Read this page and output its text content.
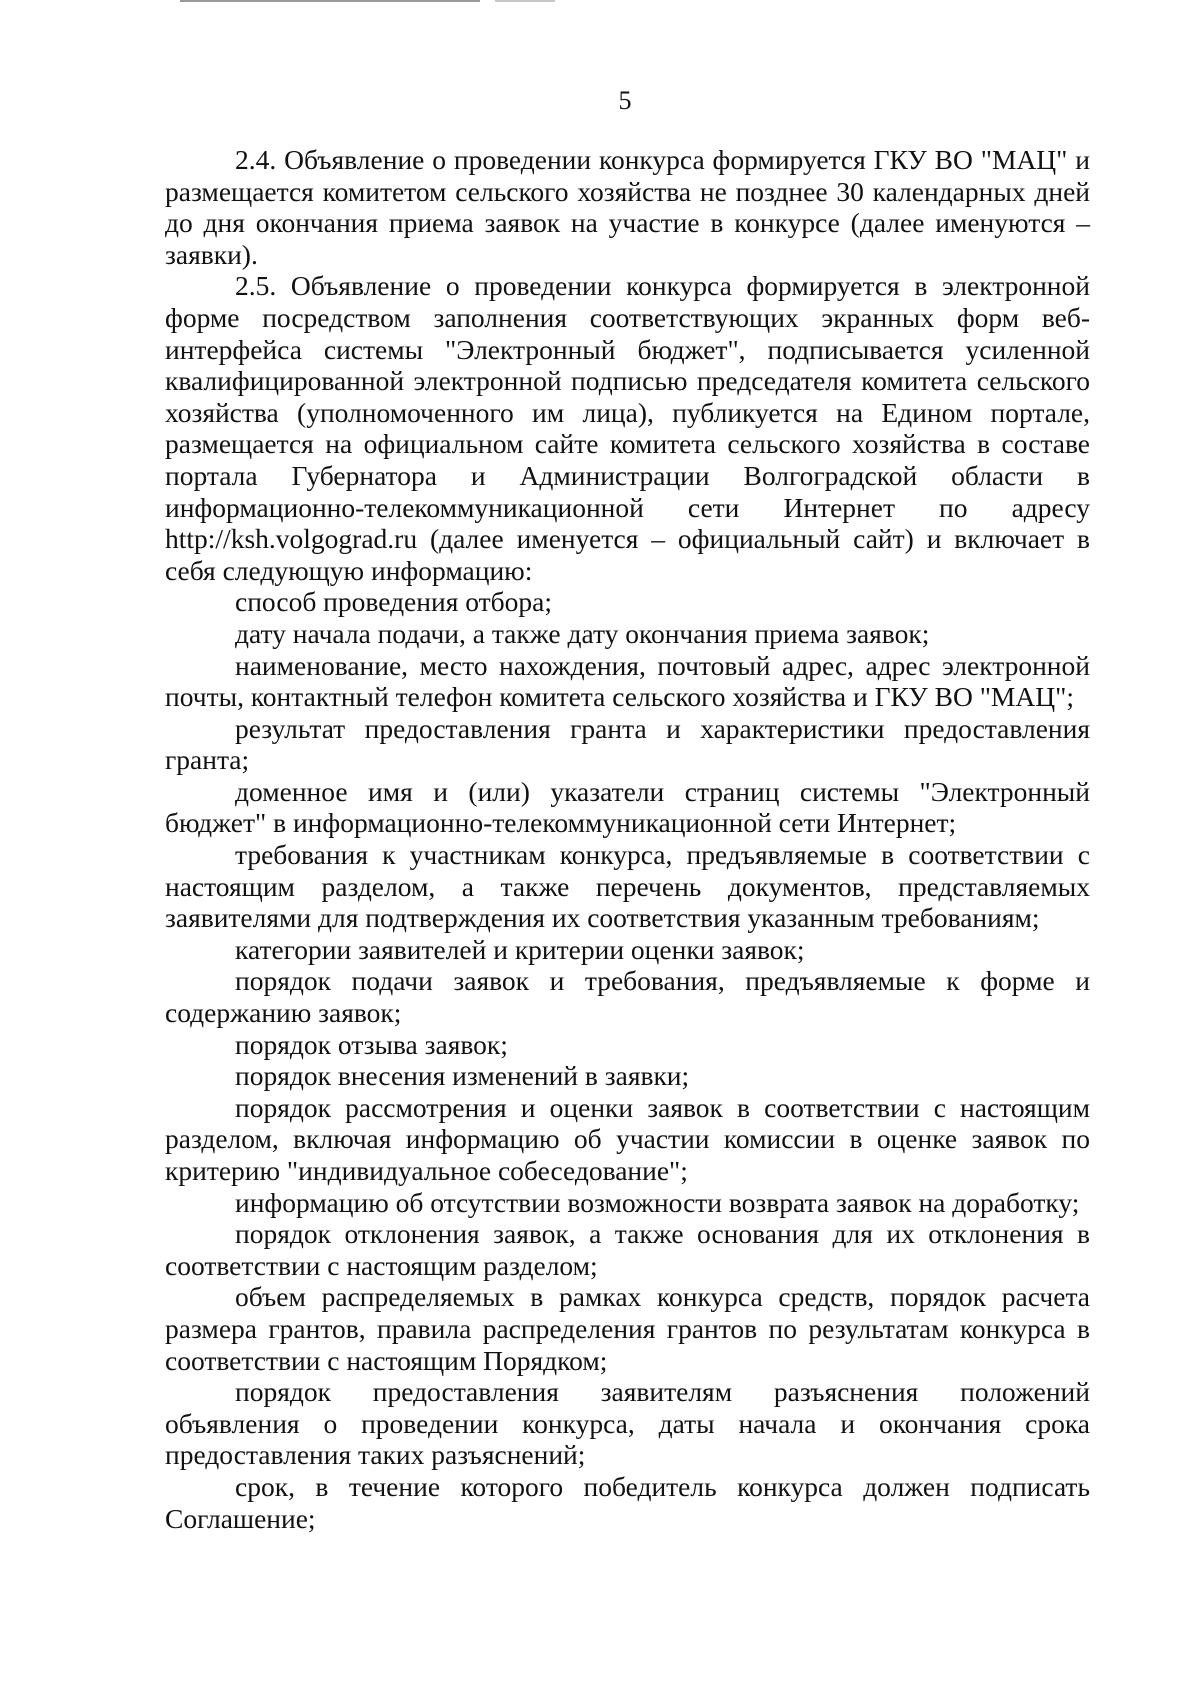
5

2.4. Объявление о проведении конкурса формируется ГКУ ВО "МАЦ" и размещается комитетом сельского хозяйства не позднее 30 календарных дней до дня окончания приема заявок на участие в конкурсе (далее именуются – заявки).

2.5. Объявление о проведении конкурса формируется в электронной форме посредством заполнения соответствующих экранных форм веб-интерфейса системы "Электронный бюджет", подписывается усиленной квалифицированной электронной подписью председателя комитета сельского хозяйства (уполномоченного им лица), публикуется на Едином портале, размещается на официальном сайте комитета сельского хозяйства в составе портала Губернатора и Администрации Волгоградской области в информационно-телекоммуникационной сети Интернет по адресу http://ksh.volgograd.ru (далее именуется – официальный сайт) и включает в себя следующую информацию:

способ проведения отбора;

дату начала подачи, а также дату окончания приема заявок;

наименование, место нахождения, почтовый адрес, адрес электронной почты, контактный телефон комитета сельского хозяйства и ГКУ ВО "МАЦ";

результат предоставления гранта и характеристики предоставления гранта;

доменное имя и (или) указатели страниц системы "Электронный бюджет" в информационно-телекоммуникационной сети Интернет;

требования к участникам конкурса, предъявляемые в соответствии с настоящим разделом, а также перечень документов, представляемых заявителями для подтверждения их соответствия указанным требованиям;

категории заявителей и критерии оценки заявок;

порядок подачи заявок и требования, предъявляемые к форме и содержанию заявок;

порядок отзыва заявок;

порядок внесения изменений в заявки;

порядок рассмотрения и оценки заявок в соответствии с настоящим разделом, включая информацию об участии комиссии в оценке заявок по критерию "индивидуальное собеседование";

информацию об отсутствии возможности возврата заявок на доработку;

порядок отклонения заявок, а также основания для их отклонения в соответствии с настоящим разделом;

объем распределяемых в рамках конкурса средств, порядок расчета размера грантов, правила распределения грантов по результатам конкурса в соответствии с настоящим Порядком;

порядок предоставления заявителям разъяснения положений объявления о проведении конкурса, даты начала и окончания срока предоставления таких разъяснений;

срок, в течение которого победитель конкурса должен подписать Соглашение;
